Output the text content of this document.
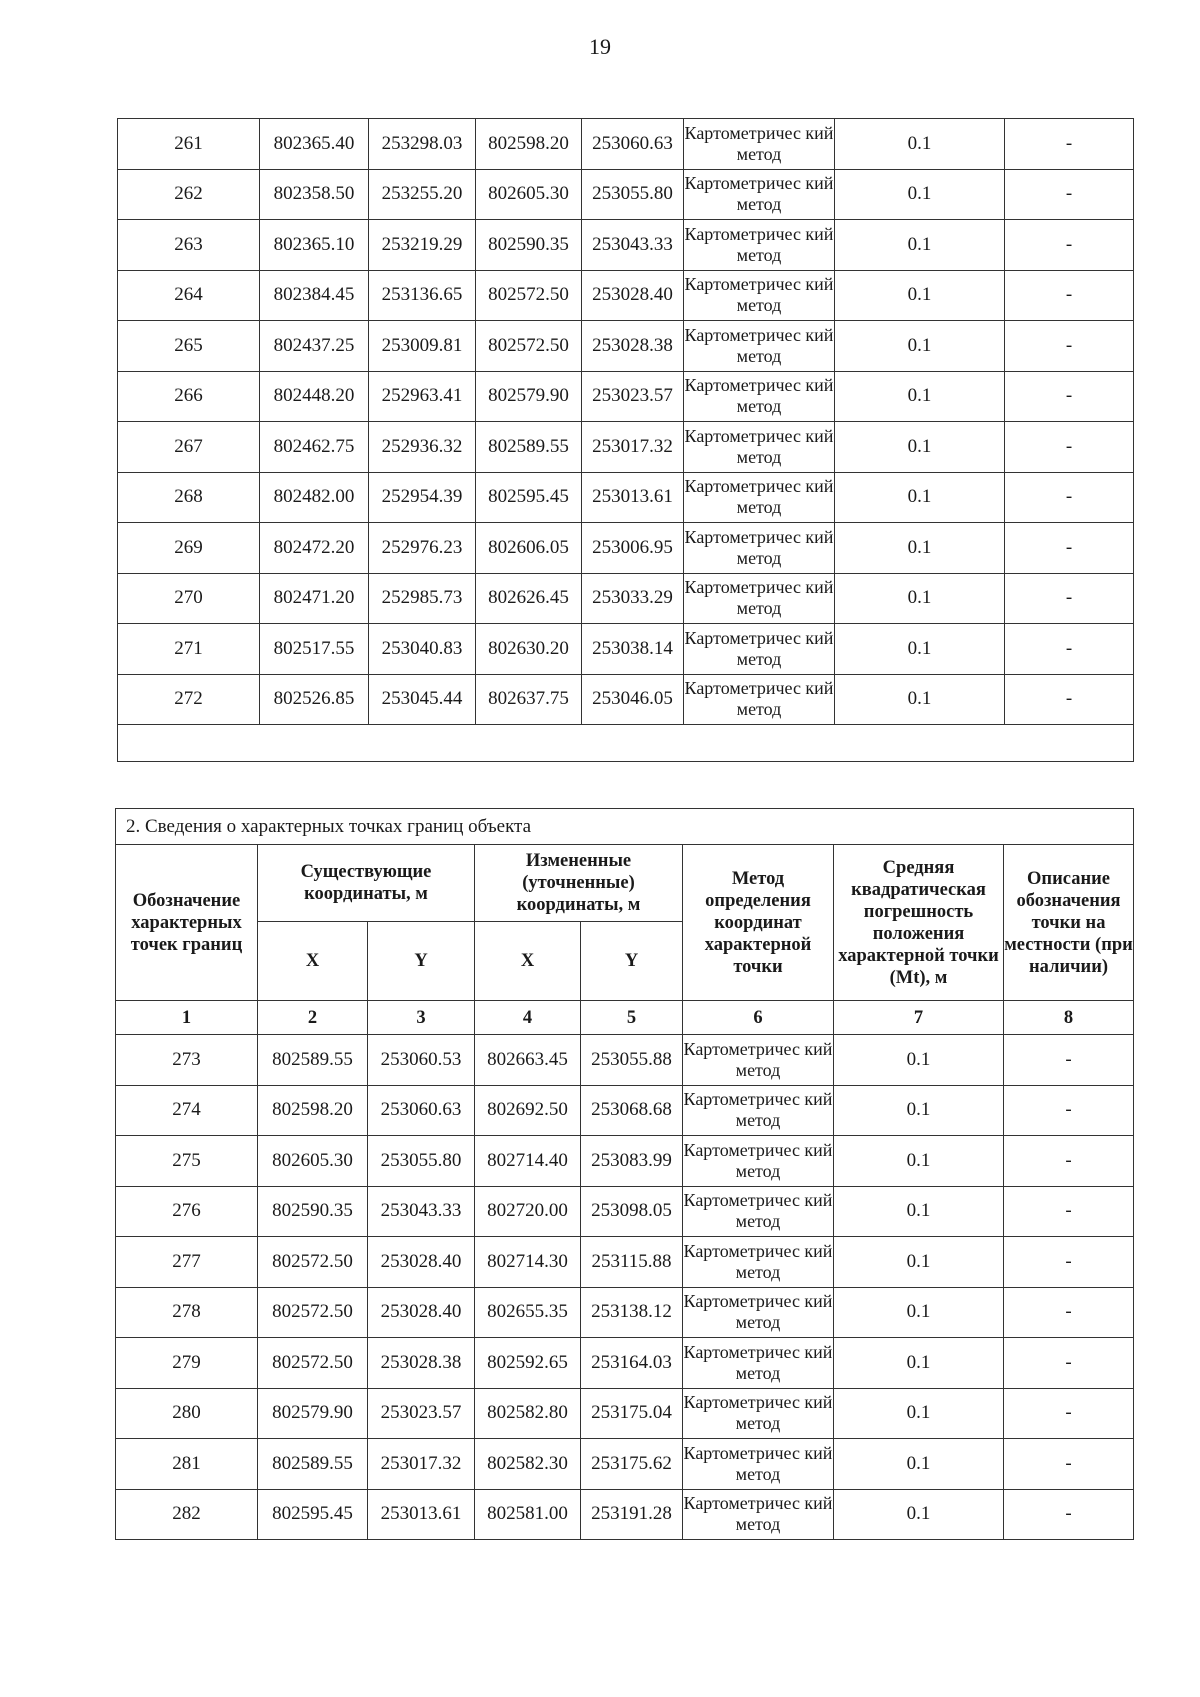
19
261	802365.40	253298.03	802598.20	253060.63	Картометричес кий метод	0.1	-
262	802358.50	253255.20	802605.30	253055.80	Картометричес кий метод	0.1	-
263	802365.10	253219.29	802590.35	253043.33	Картометричес кий метод	0.1	-
264	802384.45	253136.65	802572.50	253028.40	Картометричес кий метод	0.1	-
265	802437.25	253009.81	802572.50	253028.38	Картометричес кий метод	0.1	-
266	802448.20	252963.41	802579.90	253023.57	Картометричес кий метод	0.1	-
267	802462.75	252936.32	802589.55	253017.32	Картометричес кий метод	0.1	-
268	802482.00	252954.39	802595.45	253013.61	Картометричес кий метод	0.1	-
269	802472.20	252976.23	802606.05	253006.95	Картометричес кий метод	0.1	-
270	802471.20	252985.73	802626.45	253033.29	Картометричес кий метод	0.1	-
271	802517.55	253040.83	802630.20	253038.14	Картометричес кий метод	0.1	-
272	802526.85	253045.44	802637.75	253046.05	Картометричес кий метод	0.1	-

2. Сведения о характерных точках границ объекта							
Обозначение характерных точек границ	Существующие координаты, м		Измененные (уточненные) координаты, м		Метод определения координат характерной точки	Средняя квадратическая погрешность положения характерной точки (Mt), м	Описание обозначения точки на местности (при наличии)
	X	Y	X	Y			
1	2	3	4	5	6	7	8
273	802589.55	253060.53	802663.45	253055.88	Картометричес кий метод	0.1	-
274	802598.20	253060.63	802692.50	253068.68	Картометричес кий метод	0.1	-
275	802605.30	253055.80	802714.40	253083.99	Картометричес кий метод	0.1	-
276	802590.35	253043.33	802720.00	253098.05	Картометричес кий метод	0.1	-
277	802572.50	253028.40	802714.30	253115.88	Картометричес кий метод	0.1	-
278	802572.50	253028.40	802655.35	253138.12	Картометричес кий метод	0.1	-
279	802572.50	253028.38	802592.65	253164.03	Картометричес кий метод	0.1	-
280	802579.90	253023.57	802582.80	253175.04	Картометричес кий метод	0.1	-
281	802589.55	253017.32	802582.30	253175.62	Картометричес кий метод	0.1	-
282	802595.45	253013.61	802581.00	253191.28	Картометричес кий метод	0.1	-
